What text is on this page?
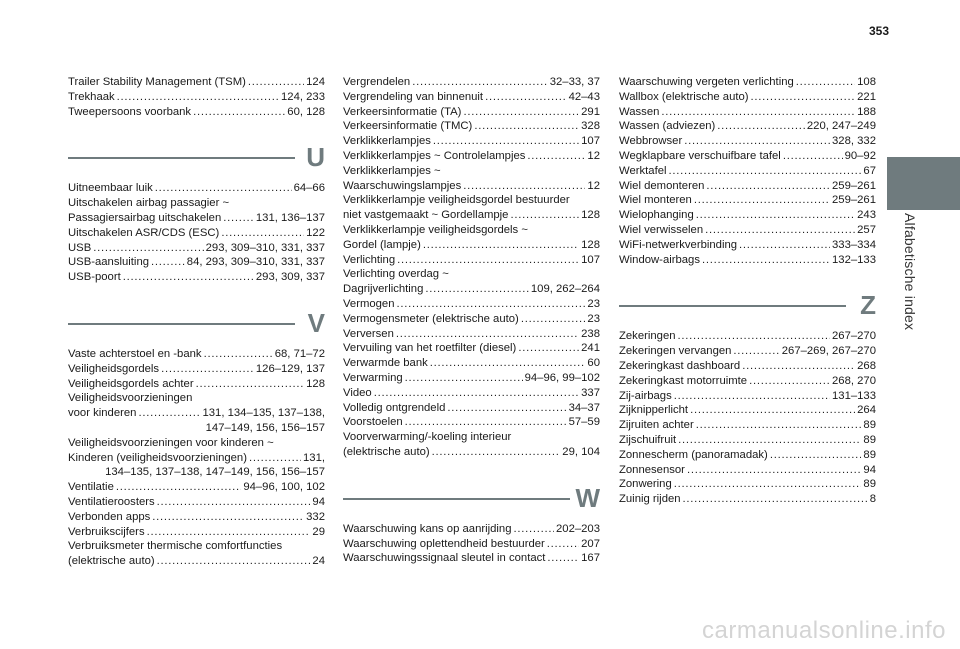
353
Alfabetische index
Trailer Stability Management (TSM) . . .	124
Trekhaak . . .	124, 233
Tweepersoons voorbank . . .	60, 128
U
Uitneembaar luik . . .	64–66
Uitschakelen airbag passagier ~
Passagiersairbag uitschakelen . . .	131, 136–137
Uitschakelen ASR/CDS (ESC) . . .	122
USB . . .	293, 309–310, 331, 337
USB-aansluiting . . .	84, 293, 309–310, 331, 337
USB-poort . . .	293, 309, 337
V
Vaste achterstoel en -bank . . .	68, 71–72
Veiligheidsgordels . . .	126–129, 137
Veiligheidsgordels achter . . .	128
Veiligheidsvoorzieningen
voor kinderen . . .	131, 134–135, 137–138,
147–149, 156, 156–157
Veiligheidsvoorzieningen voor kinderen ~
Kinderen (veiligheidsvoorzieningen) . . .	131,
134–135, 137–138, 147–149, 156, 156–157
Ventilatie . . .	94–96, 100, 102
Ventilatieroosters . . .	94
Verbonden apps . . .	332
Verbruikscijfers . . .	29
Verbruiksmeter thermische comfortfuncties
(elektrische auto) . . .	24
Vergrendelen . . .	32–33, 37
Vergrendeling van binnenuit . . .	42–43
Verkeersinformatie (TA) . . .	291
Verkeersinformatie (TMC) . . .	328
Verklikkerlampjes . . .	107
Verklikkerlampjes ~ Controlelampjes . . .	12
Verklikkerlampjes ~
Waarschuwingslampjes . . .	12
Verklikkerlampje veiligheidsgordel bestuurder
niet vastgemaakt ~ Gordellampje . . .	128
Verklikkerlampje veiligheidsgordels ~
Gordel (lampje) . . .	128
Verlichting . . .	107
Verlichting overdag ~
Dagrijverlichting . . .	109, 262–264
Vermogen . . .	23
Vermogensmeter (elektrische auto) . . .	23
Verversen . . .	238
Vervuiling van het roetfilter (diesel) . . .	241
Verwarmde bank . . .	60
Verwarming . . .	94–96, 99–102
Video . . .	337
Volledig ontgrendeld . . .	34–37
Voorstoelen . . .	57–59
Voorverwarming/-koeling interieur
(elektrische auto) . . .	29, 104
W
Waarschuwing kans op aanrijding . . .	202–203
Waarschuwing oplettendheid bestuurder . . .	207
Waarschuwingssignaal sleutel in contact . . .	167
Waarschuwing vergeten verlichting . . .	108
Wallbox (elektrische auto) . . .	221
Wassen . . .	188
Wassen (adviezen) . . .	220, 247–249
Webbrowser . . .	328, 332
Wegklapbare verschuifbare tafel . . .	90–92
Werktafel . . .	67
Wiel demonteren . . .	259–261
Wiel monteren . . .	259–261
Wielophanging . . .	243
Wiel verwisselen . . .	257
WiFi-netwerkverbinding . . .	333–334
Window-airbags . . .	132–133
Z
Zekeringen . . .	267–270
Zekeringen vervangen . . .	267–269, 267–270
Zekeringkast dashboard . . .	268
Zekeringkast motorruimte . . .	268, 270
Zij-airbags . . .	131–133
Zijknipperlicht . . .	264
Zijruiten achter . . .	89
Zijschuifruit . . .	89
Zonnescherm (panoramadak) . . .	89
Zonnesensor . . .	94
Zonwering . . .	89
Zuinig rijden . . .	8
carmanualsonline.info
